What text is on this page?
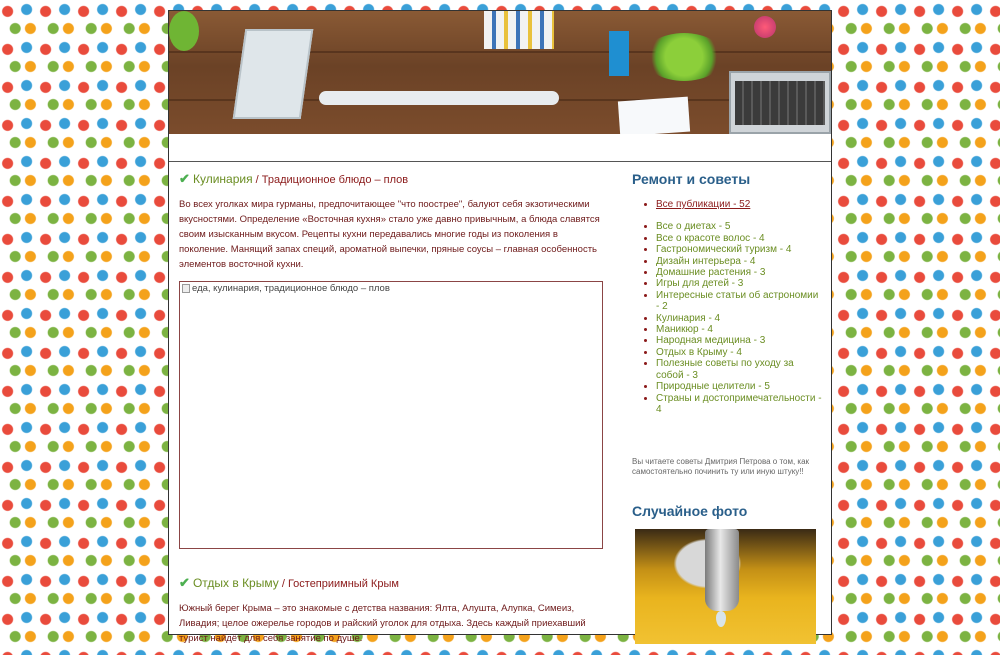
✔ Кулинария / Традиционное блюдо – плов

Во всех уголках мира гурманы, предпочитающее "что поострее", балуют себя экзотическими вкусностями. Определение «Восточная кухня» стало уже давно привычным, а блюда славятся своим изысканным вкусом. Рецепты кухни передавались многие годы из поколения в поколение. Манящий запах специй, ароматной выпечки, пряные соусы – главная особенность элементов восточной кухни.

еда, кулинария, традиционное блюдо – плов
✔ Отдых в Крыму / Гостеприимный Крым

Южный берег Крыма – это знакомые с детства названия: Ялта, Алушта, Алупка, Симеиз, Ливадия; целое ожерелье городов и райский уголок для отдыха. Здесь каждый приехавший турист найдёт для себя занятие по душе.

Ремонт и советы
• Все публикации - 52
• Все о диетах - 5
• Все о красоте волос - 4
• Гастрономический туризм - 4
• Дизайн интерьера - 4
• Домашние растения - 3
• Игры для детей - 3
• Интересные статьи об астрономии - 2
• Кулинария - 4
• Маникюр - 4
• Народная медицина - 3
• Отдых в Крыму - 4
• Полезные советы по уходу за собой - 3
• Природные целители - 5
• Страны и достопримечательности - 4

Вы читаете советы Дмитрия Петрова о том, как самостоятельно починить ту или иную штуку!!

Случайное фото
